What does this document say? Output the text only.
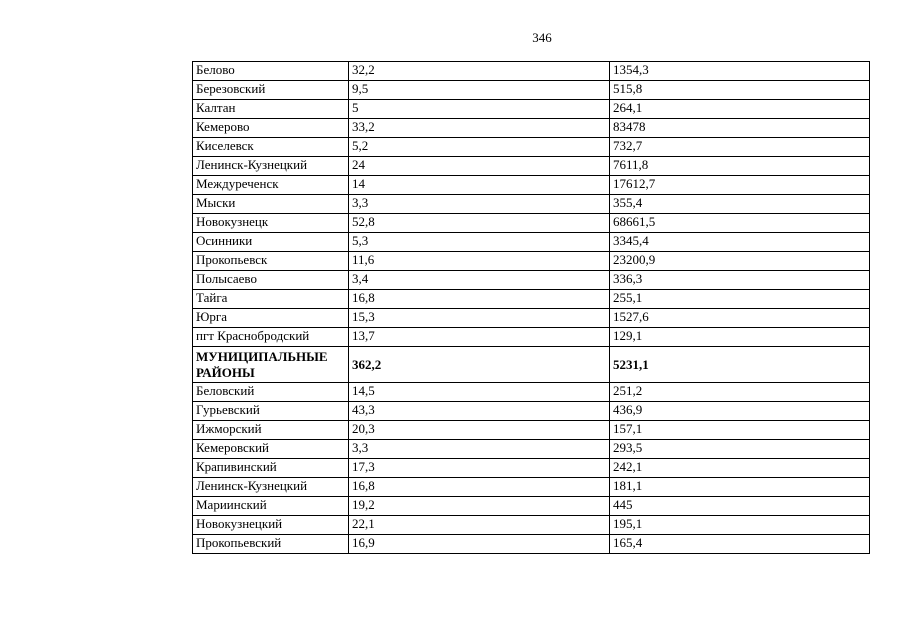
346
Белово	32,2	1354,3
Березовский	9,5	515,8
Калтан	5	264,1
Кемерово	33,2	83478
Киселевск	5,2	732,7
Ленинск-Кузнецкий	24	7611,8
Междуреченск	14	17612,7
Мыски	3,3	355,4
Новокузнецк	52,8	68661,5
Осинники	5,3	3345,4
Прокопьевск	11,6	23200,9
Полысаево	3,4	336,3
Тайга	16,8	255,1
Юрга	15,3	1527,6
пгт Краснобродский	13,7	129,1
МУНИЦИПАЛЬНЫЕ РАЙОНЫ	362,2	5231,1
Беловский	14,5	251,2
Гурьевский	43,3	436,9
Ижморский	20,3	157,1
Кемеровский	3,3	293,5
Крапивинский	17,3	242,1
Ленинск-Кузнецкий	16,8	181,1
Мариинский	19,2	445
Новокузнецкий	22,1	195,1
Прокопьевский	16,9	165,4
